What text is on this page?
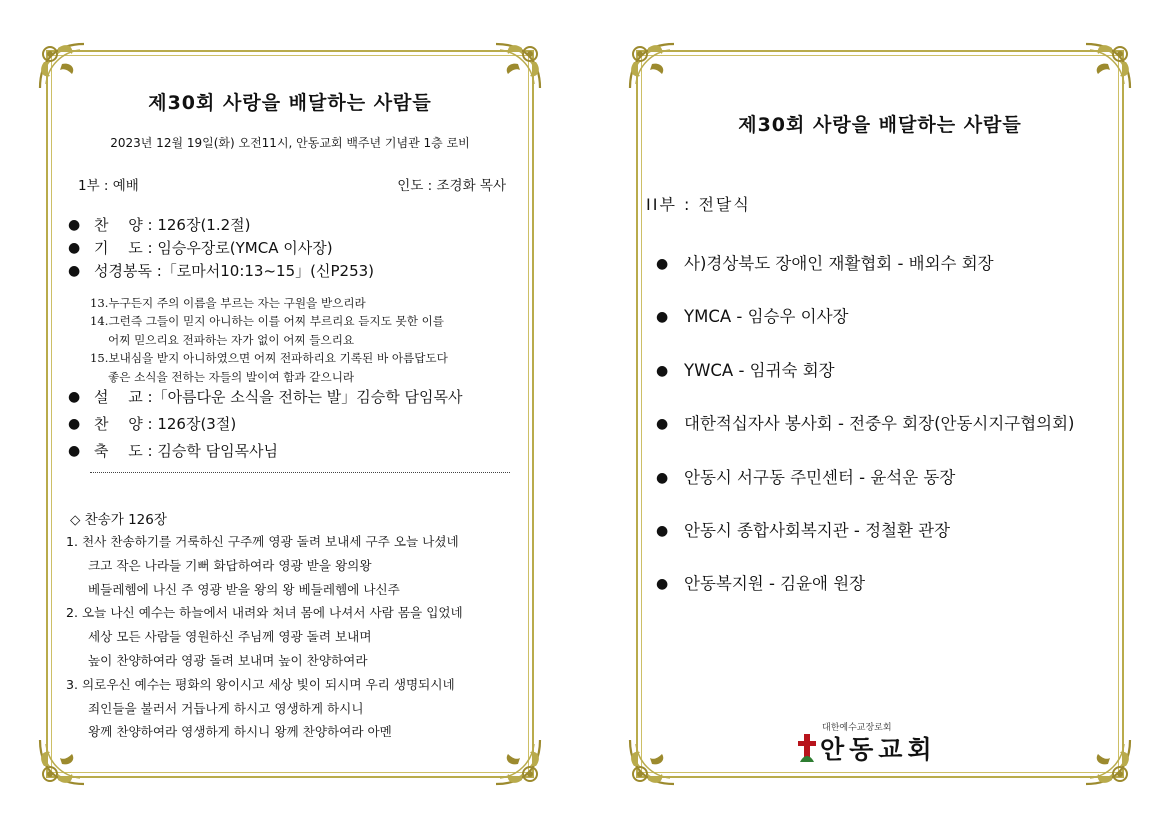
제30회 사랑을 배달하는 사람들
2023년 12월 19일(화) 오전11시, 안동교회 백주년 기념관 1층 로비
1부 : 예배	인도 : 조경화 목사
● 찬　 양 : 126장(1.2절)
● 기　 도 : 임승우장로(YMCA 이사장)
● 성경봉독 :「로마서10:13~15」(신P253)
13.누구든지 주의 이름을 부르는 자는 구원을 받으리라
14.그런즉 그들이 믿지 아니하는 이를 어찌 부르리요 듣지도 못한 이를
어찌 믿으리요 전파하는 자가 없이 어찌 들으리요
15.보내심을 받지 아니하였으면 어찌 전파하리요 기록된 바 아름답도다
좋은 소식을 전하는 자들의 발이여 함과 같으니라
● 설　 교 :「아름다운 소식을 전하는 발」김승학 담임목사
● 찬　 양 : 126장(3절)
● 축　 도 : 김승학 담임목사님
◇ 찬송가 126장
1. 천사 찬송하기를 거룩하신 구주께 영광 돌려 보내세 구주 오늘 나셨네
크고 작은 나라들 기뻐 화답하여라 영광 받을 왕의왕
베들레헴에 나신 주 영광 받을 왕의 왕 베들레헴에 나신주
2. 오늘 나신 예수는 하늘에서 내려와 처녀 몸에 나셔서 사람 몸을 입었네
세상 모든 사람들 영원하신 주님께 영광 돌려 보내며
높이 찬양하여라 영광 돌려 보내며 높이 찬양하여라
3. 의로우신 예수는 평화의 왕이시고 세상 빛이 되시며 우리 생명되시네
죄인들을 불러서 거듭나게 하시고 영생하게 하시니
왕께 찬양하여라 영생하게 하시니 왕께 찬양하여라 아멘
제30회 사랑을 배달하는 사람들
II부 : 전달식
● 사)경상북도 장애인 재활협회 - 배외수 회장
● YMCA - 임승우 이사장
● YWCA - 임귀숙 회장
● 대한적십자사 봉사회 - 전중우 회장(안동시지구협의회)
● 안동시 서구동 주민센터 - 윤석운 동장
● 안동시 종합사회복지관 - 정철환 관장
● 안동복지원 - 김윤애 원장
대한예수교장로회
안동교회
